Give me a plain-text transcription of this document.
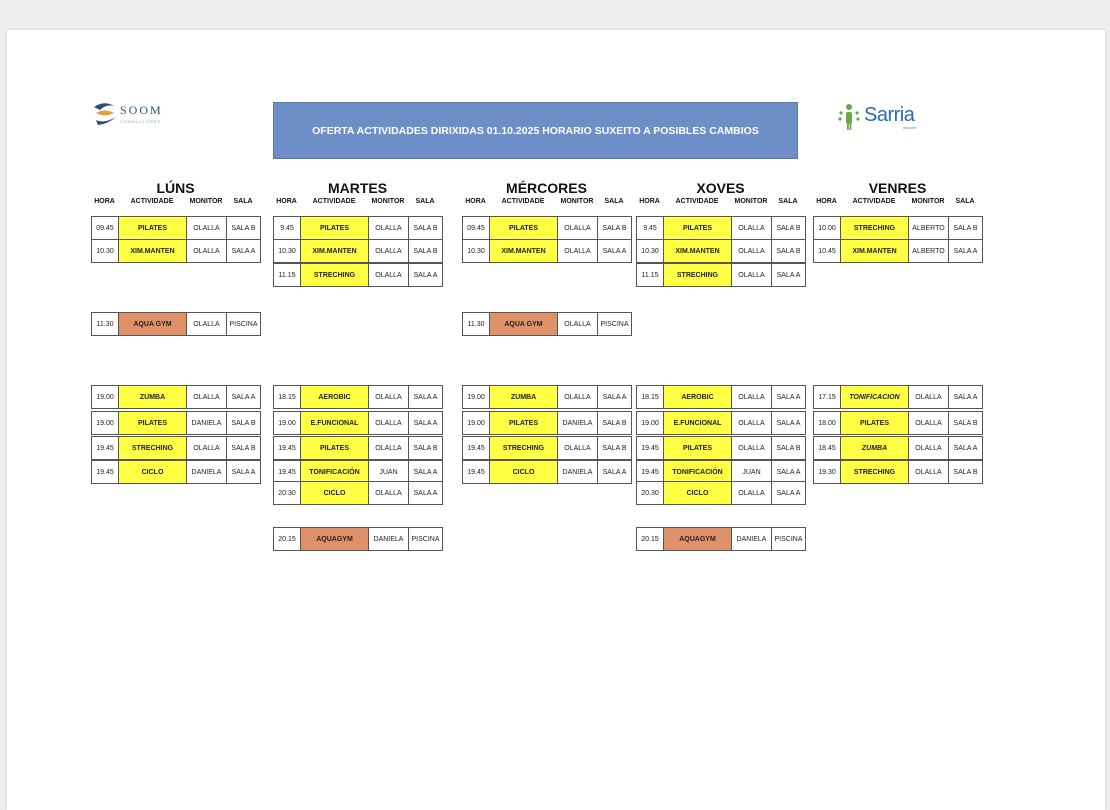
SOOM
CONSULTORES
OFERTA ACTIVIDADES DIRIXIDAS 01.10.2025 HORARIO SUXEITO A POSIBLES CAMBIOS
Sarria
deporte
LÚNS
HORA	ACTIVIDADE	MONITOR	SALA
09.45	PILATES	OLALLA	SALA B
10.30	XIM.MANTEN	OLALLA	SALA A
11.30	AQUA GYM	OLALLA	PISCINA
19.00	ZUMBA	OLALLA	SALA A
19.00	PILATES	DANIELA	SALA B
19.45	STRECHING	OLALLA	SALA B
19.45	CICLO	DANIELA	SALA A
MARTES
HORA	ACTIVIDADE	MONITOR	SALA
9.45	PILATES	OLALLA	SALA B
10.30	XIM.MANTEN	OLALLA	SALA B
11.15	STRECHING	OLALLA	SALA A
18.15	AEROBIC	OLALLA	SALA A
19.00	E.FUNCIONAL	OLALLA	SALA A
19.45	PILATES	OLALLA	SALA B
19.45	TONIFICACIÓN	JUAN	SALA A
20.30	CICLO	OLALLA	SALA A
20.15	AQUAGYM	DANIELA	PISCINA
MÉRCORES
HORA	ACTIVIDADE	MONITOR	SALA
09.45	PILATES	OLALLA	SALA B
10.30	XIM.MANTEN	OLALLA	SALA A
11.30	AQUA GYM	OLALLA	PISCINA
19.00	ZUMBA	OLALLA	SALA A
19.00	PILATES	DANIELA	SALA B
19.45	STRECHING	OLALLA	SALA B
19.45	CICLO	DANIELA	SALA A
XOVES
HORA	ACTIVIDADE	MONITOR	SALA
9.45	PILATES	OLALLA	SALA B
10.30	XIM.MANTEN	OLALLA	SALA B
11.15	STRECHING	OLALLA	SALA A
18.15	AEROBIC	OLALLA	SALA A
19.00	E.FUNCIONAL	OLALLA	SALA A
19.45	PILATES	OLALLA	SALA B
19.45	TONIFICACIÓN	JUAN	SALA A
20.30	CICLO	OLALLA	SALA A
20.15	AQUAGYM	DANIELA	PISCINA
VENRES
HORA	ACTIVIDADE	MONITOR	SALA
10.00	STRECHING	ALBERTO	SALA B
10.45	XIM.MANTEN	ALBERTO	SALA A
17.15	TONIFICACION	OLALLA	SALA A
18.00	PILATES	OLALLA	SALA B
18.45	ZUMBA	OLALLA	SALA A
19.30	STRECHING	OLALLA	SALA B
